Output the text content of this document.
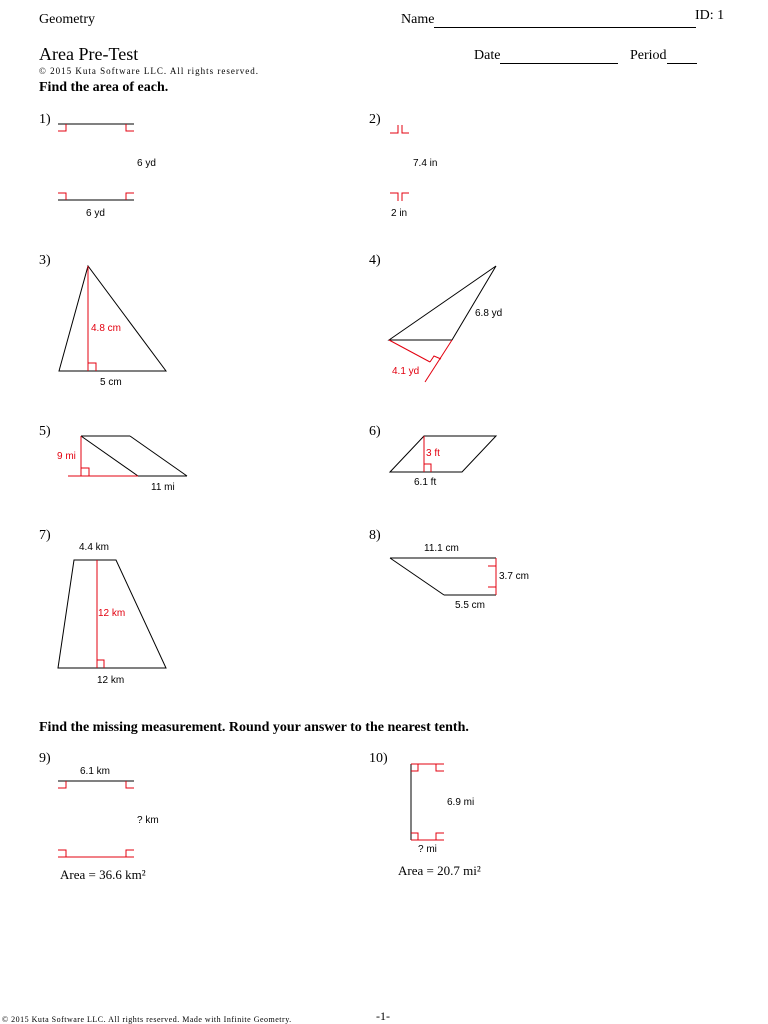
Geometry	Name	ID: 1
Area Pre-Test	Date	Period
© 2015 Kuta Software LLC. All rights reserved.
Find the area of each.
1)
6 yd
6 yd
2)
7.4 in
2 in
3)
4.8 cm
5 cm
4)
6.8 yd
4.1 yd
5)
9 mi
11 mi
6)
3 ft
6.1 ft
7)
4.4 km
12 km
12 km
8)
11.1 cm
3.7 cm
5.5 cm
Find the missing measurement. Round your answer to the nearest tenth.
9)
6.1 km
? km
Area = 36.6 km²
10)
6.9 mi
? mi
Area = 20.7 mi²
© 2015 Kuta Software LLC. All rights reserved. Made with Infinite Geometry.	-1-
